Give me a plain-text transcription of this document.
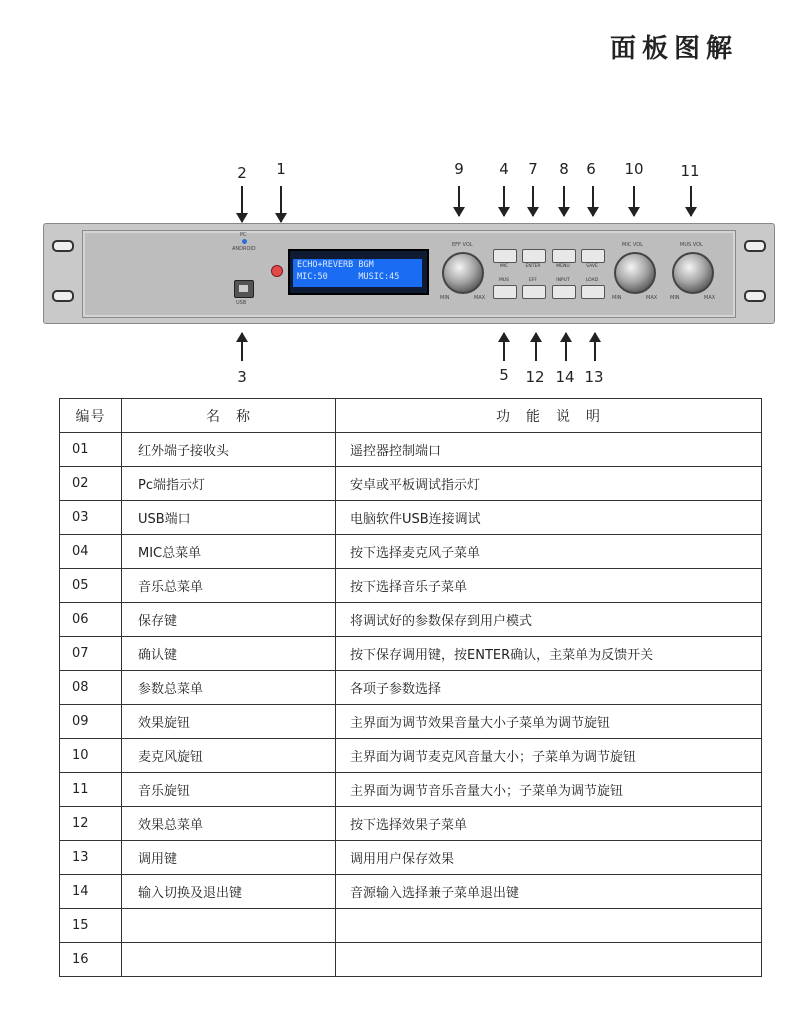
面板图解
2	1	9	4	7	8	6	10	11
PC
ANDROID
USB
ECHO+REVERB BGM
MIC:50      MUSIC:45
EFF VOL
MIN	MAX
MIC	ENTER	MENU	SAVE
MUS	EFF	INPUT	LOAD
MIC VOL
MIN	MAX
MUS VOL
MIN	MAX
3	5	12 14 13
编号	名　称	功　能　说　明
01	红外端子接收头	遥控器控制端口
02	Pc端指示灯	安卓或平板调试指示灯
03	USB端口	电脑软件USB连接调试
04	MIC总菜单	按下选择麦克风子菜单
05	音乐总菜单	按下选择音乐子菜单
06	保存键	将调试好的参数保存到用户模式
07	确认键	按下保存调用键，按ENTER确认，主菜单为反馈开关
08	参数总菜单	各项子参数选择
09	效果旋钮	主界面为调节效果音量大小子菜单为调节旋钮
10	麦克风旋钮	主界面为调节麦克风音量大小；子菜单为调节旋钮
11	音乐旋钮	主界面为调节音乐音量大小；子菜单为调节旋钮
12	效果总菜单	按下选择效果子菜单
13	调用键	调用用户保存效果
14	输入切换及退出键	音源输入选择兼子菜单退出键
15		
16		
